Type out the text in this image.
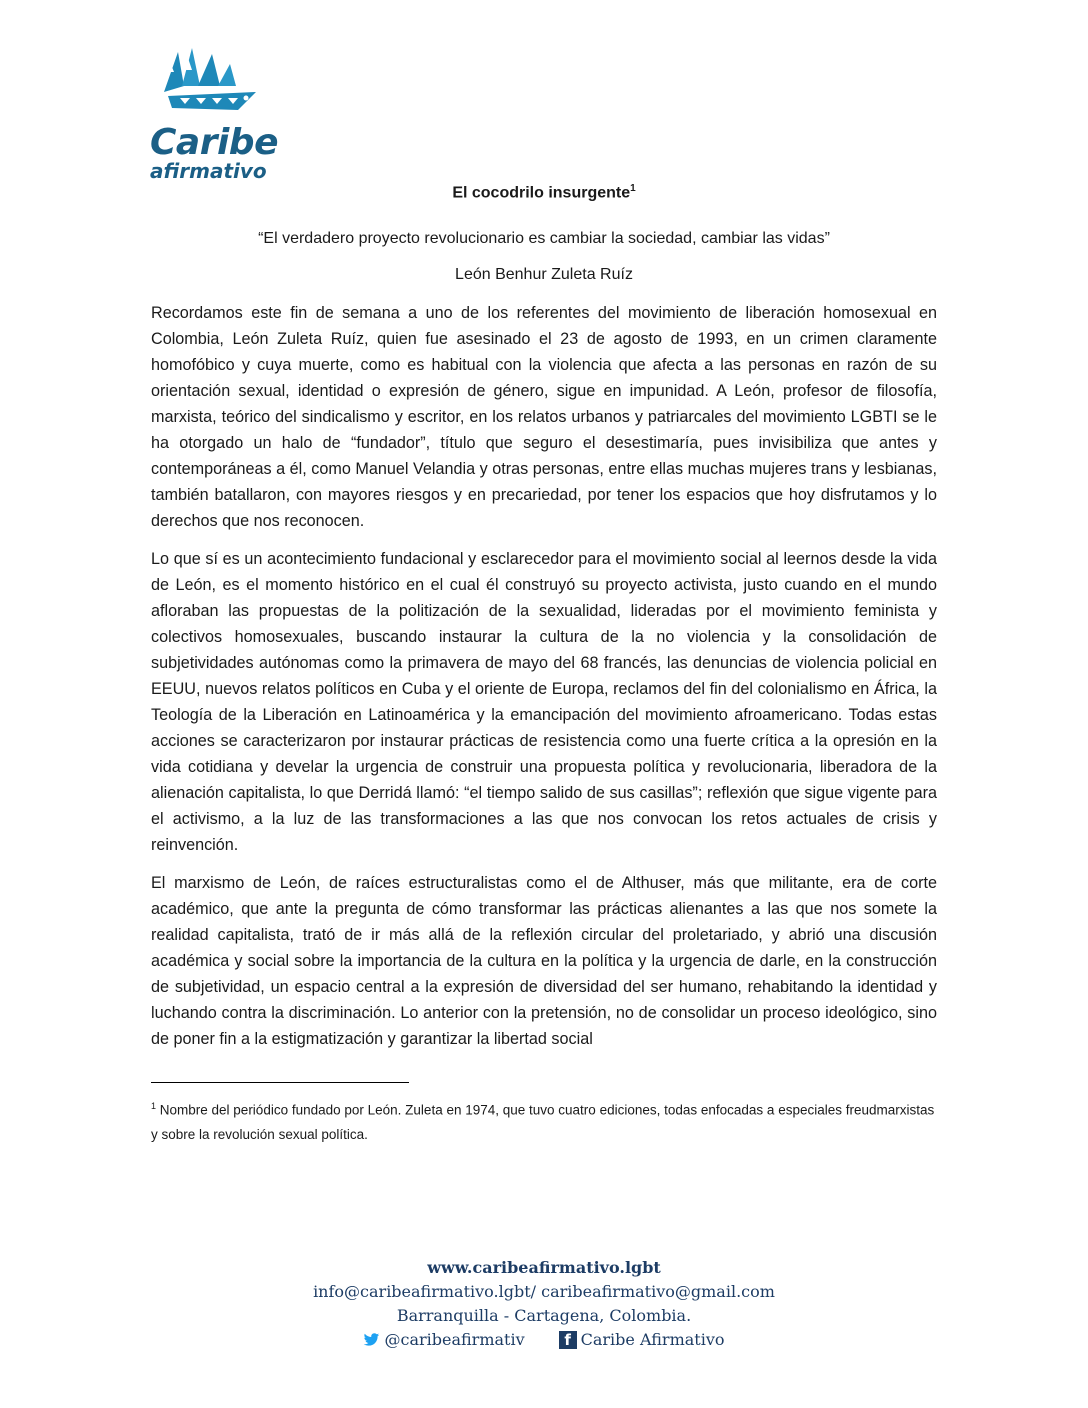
Caribe
afirmativo
El cocodrilo insurgente$^1$
“El verdadero proyecto revolucionario es cambiar la sociedad, cambiar las vidas”
León Benhur Zuleta Ruíz

Recordamos este fin de semana a uno de los referentes del movimiento de liberación homosexual en Colombia, León Zuleta Ruíz, quien fue asesinado el 23 de agosto de 1993, en un crimen claramente homofóbico y cuya muerte, como es habitual con la violencia que afecta a las personas en razón de su orientación sexual, identidad o expresión de género, sigue en impunidad. A León, profesor de filosofía, marxista, teórico del sindicalismo y escritor, en los relatos urbanos y patriarcales del movimiento LGBTI se le ha otorgado un halo de “fundador”, título que seguro el desestimaría, pues invisibiliza que antes y contemporáneas a él, como Manuel Velandia y otras personas, entre ellas muchas mujeres trans y lesbianas, también batallaron, con mayores riesgos y en precariedad, por tener los espacios que hoy disfrutamos y lo derechos que nos reconocen.

Lo que sí es un acontecimiento fundacional y esclarecedor para el movimiento social al leernos desde la vida de León, es el momento histórico en el cual él construyó su proyecto activista, justo cuando en el mundo afloraban las propuestas de la politización de la sexualidad, lideradas por el movimiento feminista y colectivos homosexuales, buscando instaurar la cultura de la no violencia y la consolidación de subjetividades autónomas como la primavera de mayo del 68 francés, las denuncias de violencia policial en EEUU, nuevos relatos políticos en Cuba y el oriente de Europa, reclamos del fin del colonialismo en África, la Teología de la Liberación en Latinoamérica y la emancipación del movimiento afroamericano. Todas estas acciones se caracterizaron por instaurar prácticas de resistencia como una fuerte crítica a la opresión en la vida cotidiana y develar la urgencia de construir una propuesta política y revolucionaria, liberadora de la alienación capitalista, lo que Derridá llamó: “el tiempo salido de sus casillas”; reflexión que sigue vigente para el activismo, a la luz de las transformaciones a las que nos convocan los retos actuales de crisis y reinvención.

El marxismo de León, de raíces estructuralistas como el de Althuser, más que militante, era de corte académico, que ante la pregunta de cómo transformar las prácticas alienantes a las que nos somete la realidad capitalista, trató de ir más allá de la reflexión circular del proletariado, y abrió una discusión académica y social sobre la importancia de la cultura en la política y la urgencia de darle, en la construcción de subjetividad, un espacio central a la expresión de diversidad del ser humano, rehabitando la identidad y luchando contra la discriminación. Lo anterior con la pretensión, no de consolidar un proceso ideológico, sino de poner fin a la estigmatización y garantizar la libertad social

$^1$ Nombre del periódico fundado por León. Zuleta en 1974, que tuvo cuatro ediciones, todas enfocadas a especiales freudmarxistas y sobre la revolución sexual política.
www.caribeafirmativo.lgbt
info@caribeafirmativo.lgbt/ caribeafirmativo@gmail.com
Barranquilla - Cartagena, Colombia.
@caribeafirmativ	f Caribe Afirmativo
